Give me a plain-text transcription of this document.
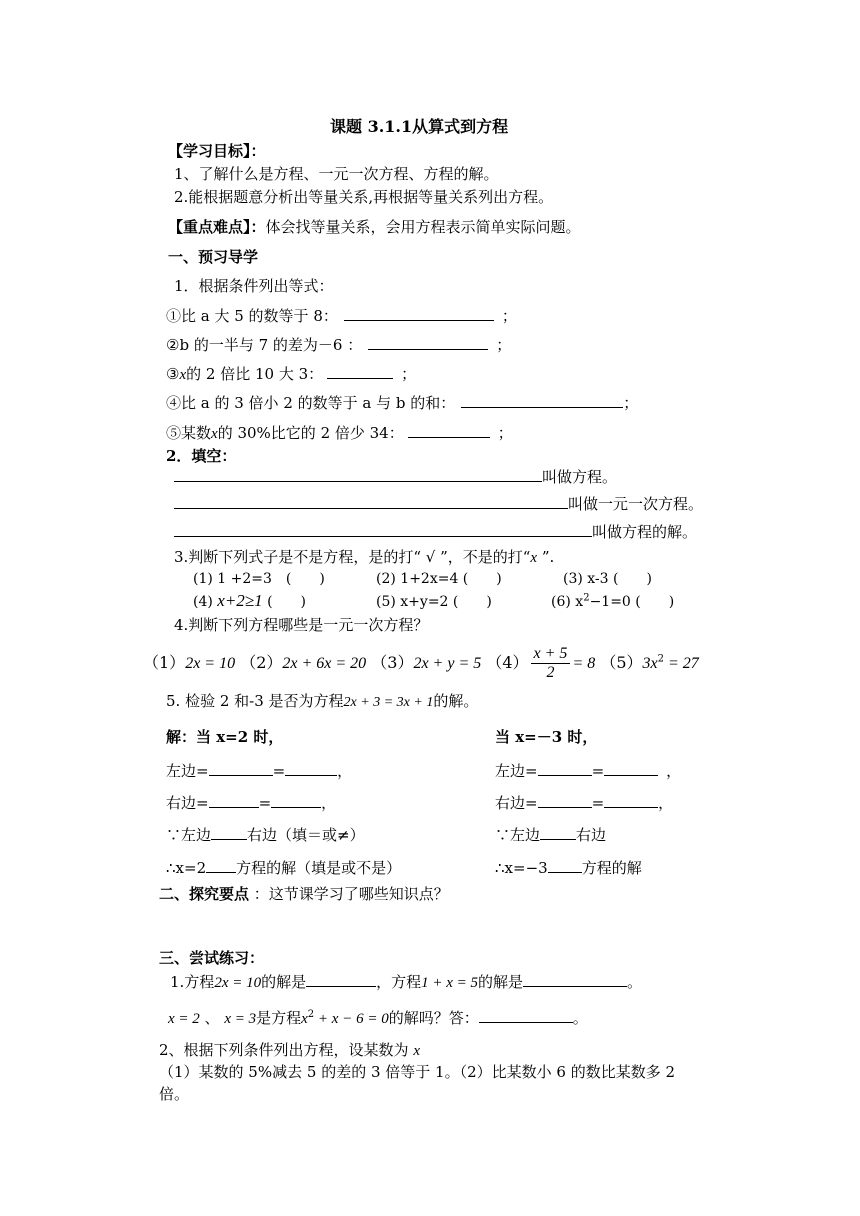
课题 3.1.1从算式到方程
【学习目标】：
1、了解什么是方程、一元一次方程、方程的解。
2.能根据题意分析出等量关系,再根据等量关系列出方程。
【重点难点】：体会找等量关系，会用方程表示简单实际问题。
一、预习导学
1．根据条件列出等式：
①比 a 大 5 的数等于 8：	；
②b 的一半与 7 的差为－6 ：	；
③x的 2 倍比 10 大 3：	；
④比 a 的 3 倍小 2 的数等于 a 与 b 的和：	；
⑤某数x的 30%比它的 2 倍少 34：	；
2．填空：
叫做方程。
叫做一元一次方程。
叫做方程的解。
3.判断下列式子是不是方程，是的打“ √ ”，不是的打“x ”.
(1) 1 +2=3　(　　)	(2) 1+2x=4 (　　)	(3) x-3 (　　)
(4) x+2≥1 (　　)	(5) x+y=2 (　　)	(6) $x^2-1=0$ (　　)
4.判断下列方程哪些是一元一次方程？
（1）2x = 10 （2）2x + 6x = 20 （3）2x + y = 5 $(4) \frac{x + 5}{2} = 8$ $(5)3x^2 = 27$
5. 检验 2 和-3 是否为方程2x + 3 = 3x + 1的解。
解：当 x=2 时，	当 x=－3 时，
左边=	=	，	左边=	=	，
右边=	=	，	右边=	=	，
∵左边 右边（填＝或≠）	∵左边 右边
∴x=2 方程的解（填是或不是）	∴x=−3 方程的解
二、探究要点 ：这节课学习了哪些知识点？
三、尝试练习：
1.方程2x = 10的解是	，方程1 + x = 5的解是	。
x = 2 、 x = 3是方程$x^2 + x - 6 = 0$的解吗？答：	。
2、根据下列条件列出方程，设某数为 x
（1）某数的 5%减去 5 的差的 3 倍等于 1。（2）比某数小 6 的数比某数多 2
倍。
